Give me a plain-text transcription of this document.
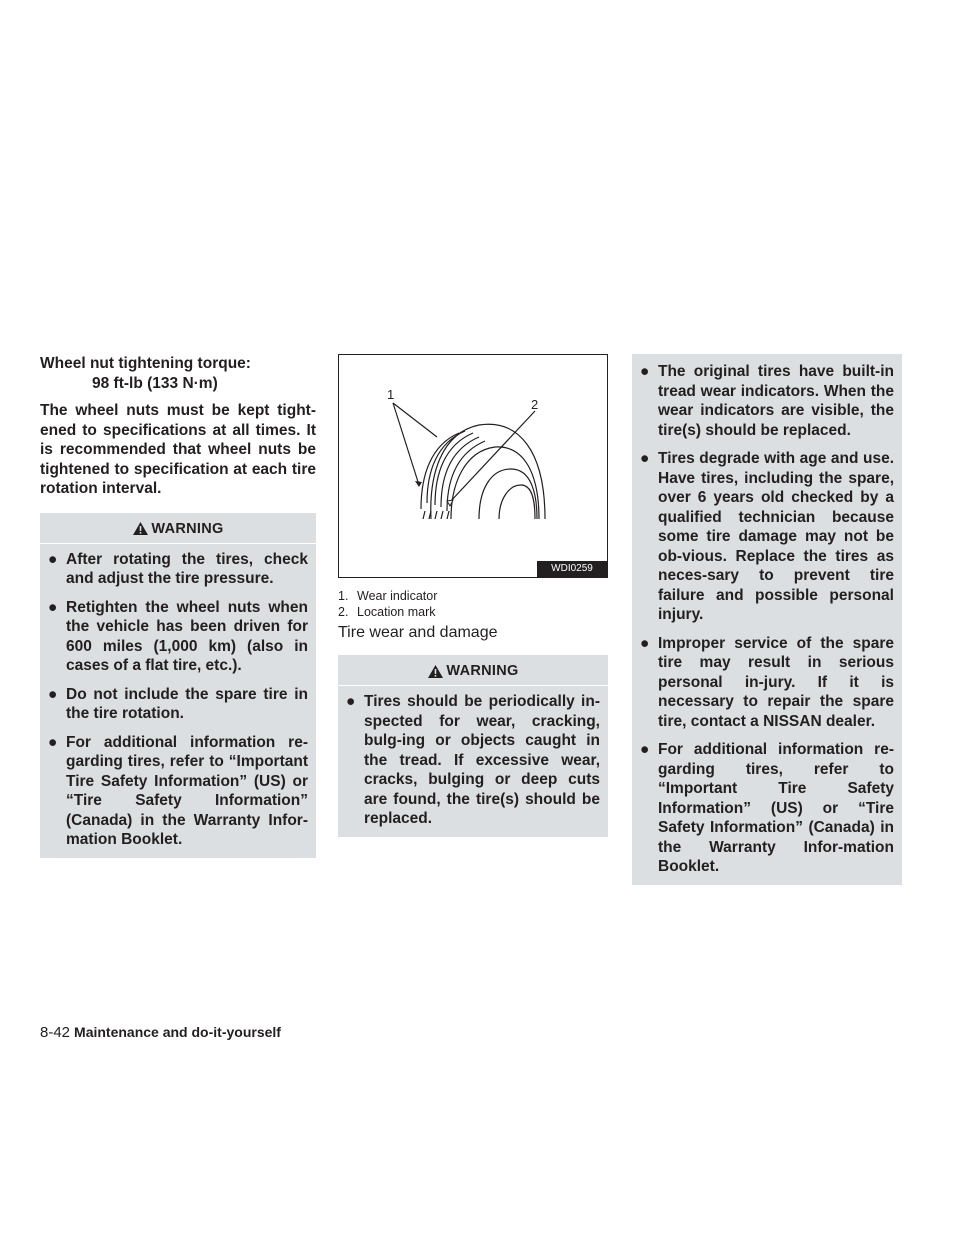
Wheel nut tightening torque:

98 ft-lb (133 N·m)

The wheel nuts must be kept tight-ened to specifications at all times. It is recommended that wheel nuts be tightened to specification at each tire rotation interval.

WARNING
● After rotating the tires, check and adjust the tire pressure.
● Retighten the wheel nuts when the vehicle has been driven for 600 miles (1,000 km) (also in cases of a flat tire, etc.).
● Do not include the spare tire in the tire rotation.
● For additional information re-garding tires, refer to “Important Tire Safety Information” (US) or “Tire Safety Information” (Canada) in the Warranty Infor-mation Booklet.
1
2
WDI0259
1. Wear indicator
2. Location mark
Tire wear and damage
WARNING
● Tires should be periodically in-spected for wear, cracking, bulg-ing or objects caught in the tread. If excessive wear, cracks, bulging or deep cuts are found, the tire(s) should be replaced.
● The original tires have built-in tread wear indicators. When the wear indicators are visible, the tire(s) should be replaced.
● Tires degrade with age and use. Have tires, including the spare, over 6 years old checked by a qualified technician because some tire damage may not be ob-vious. Replace the tires as neces-sary to prevent tire failure and possible personal injury.
● Improper service of the spare tire may result in serious personal in-jury. If it is necessary to repair the spare tire, contact a NISSAN dealer.
● For additional information re-garding tires, refer to “Important Tire Safety Information” (US) or “Tire Safety Information” (Canada) in the Warranty Infor-mation Booklet.
8-42 Maintenance and do-it-yourself
